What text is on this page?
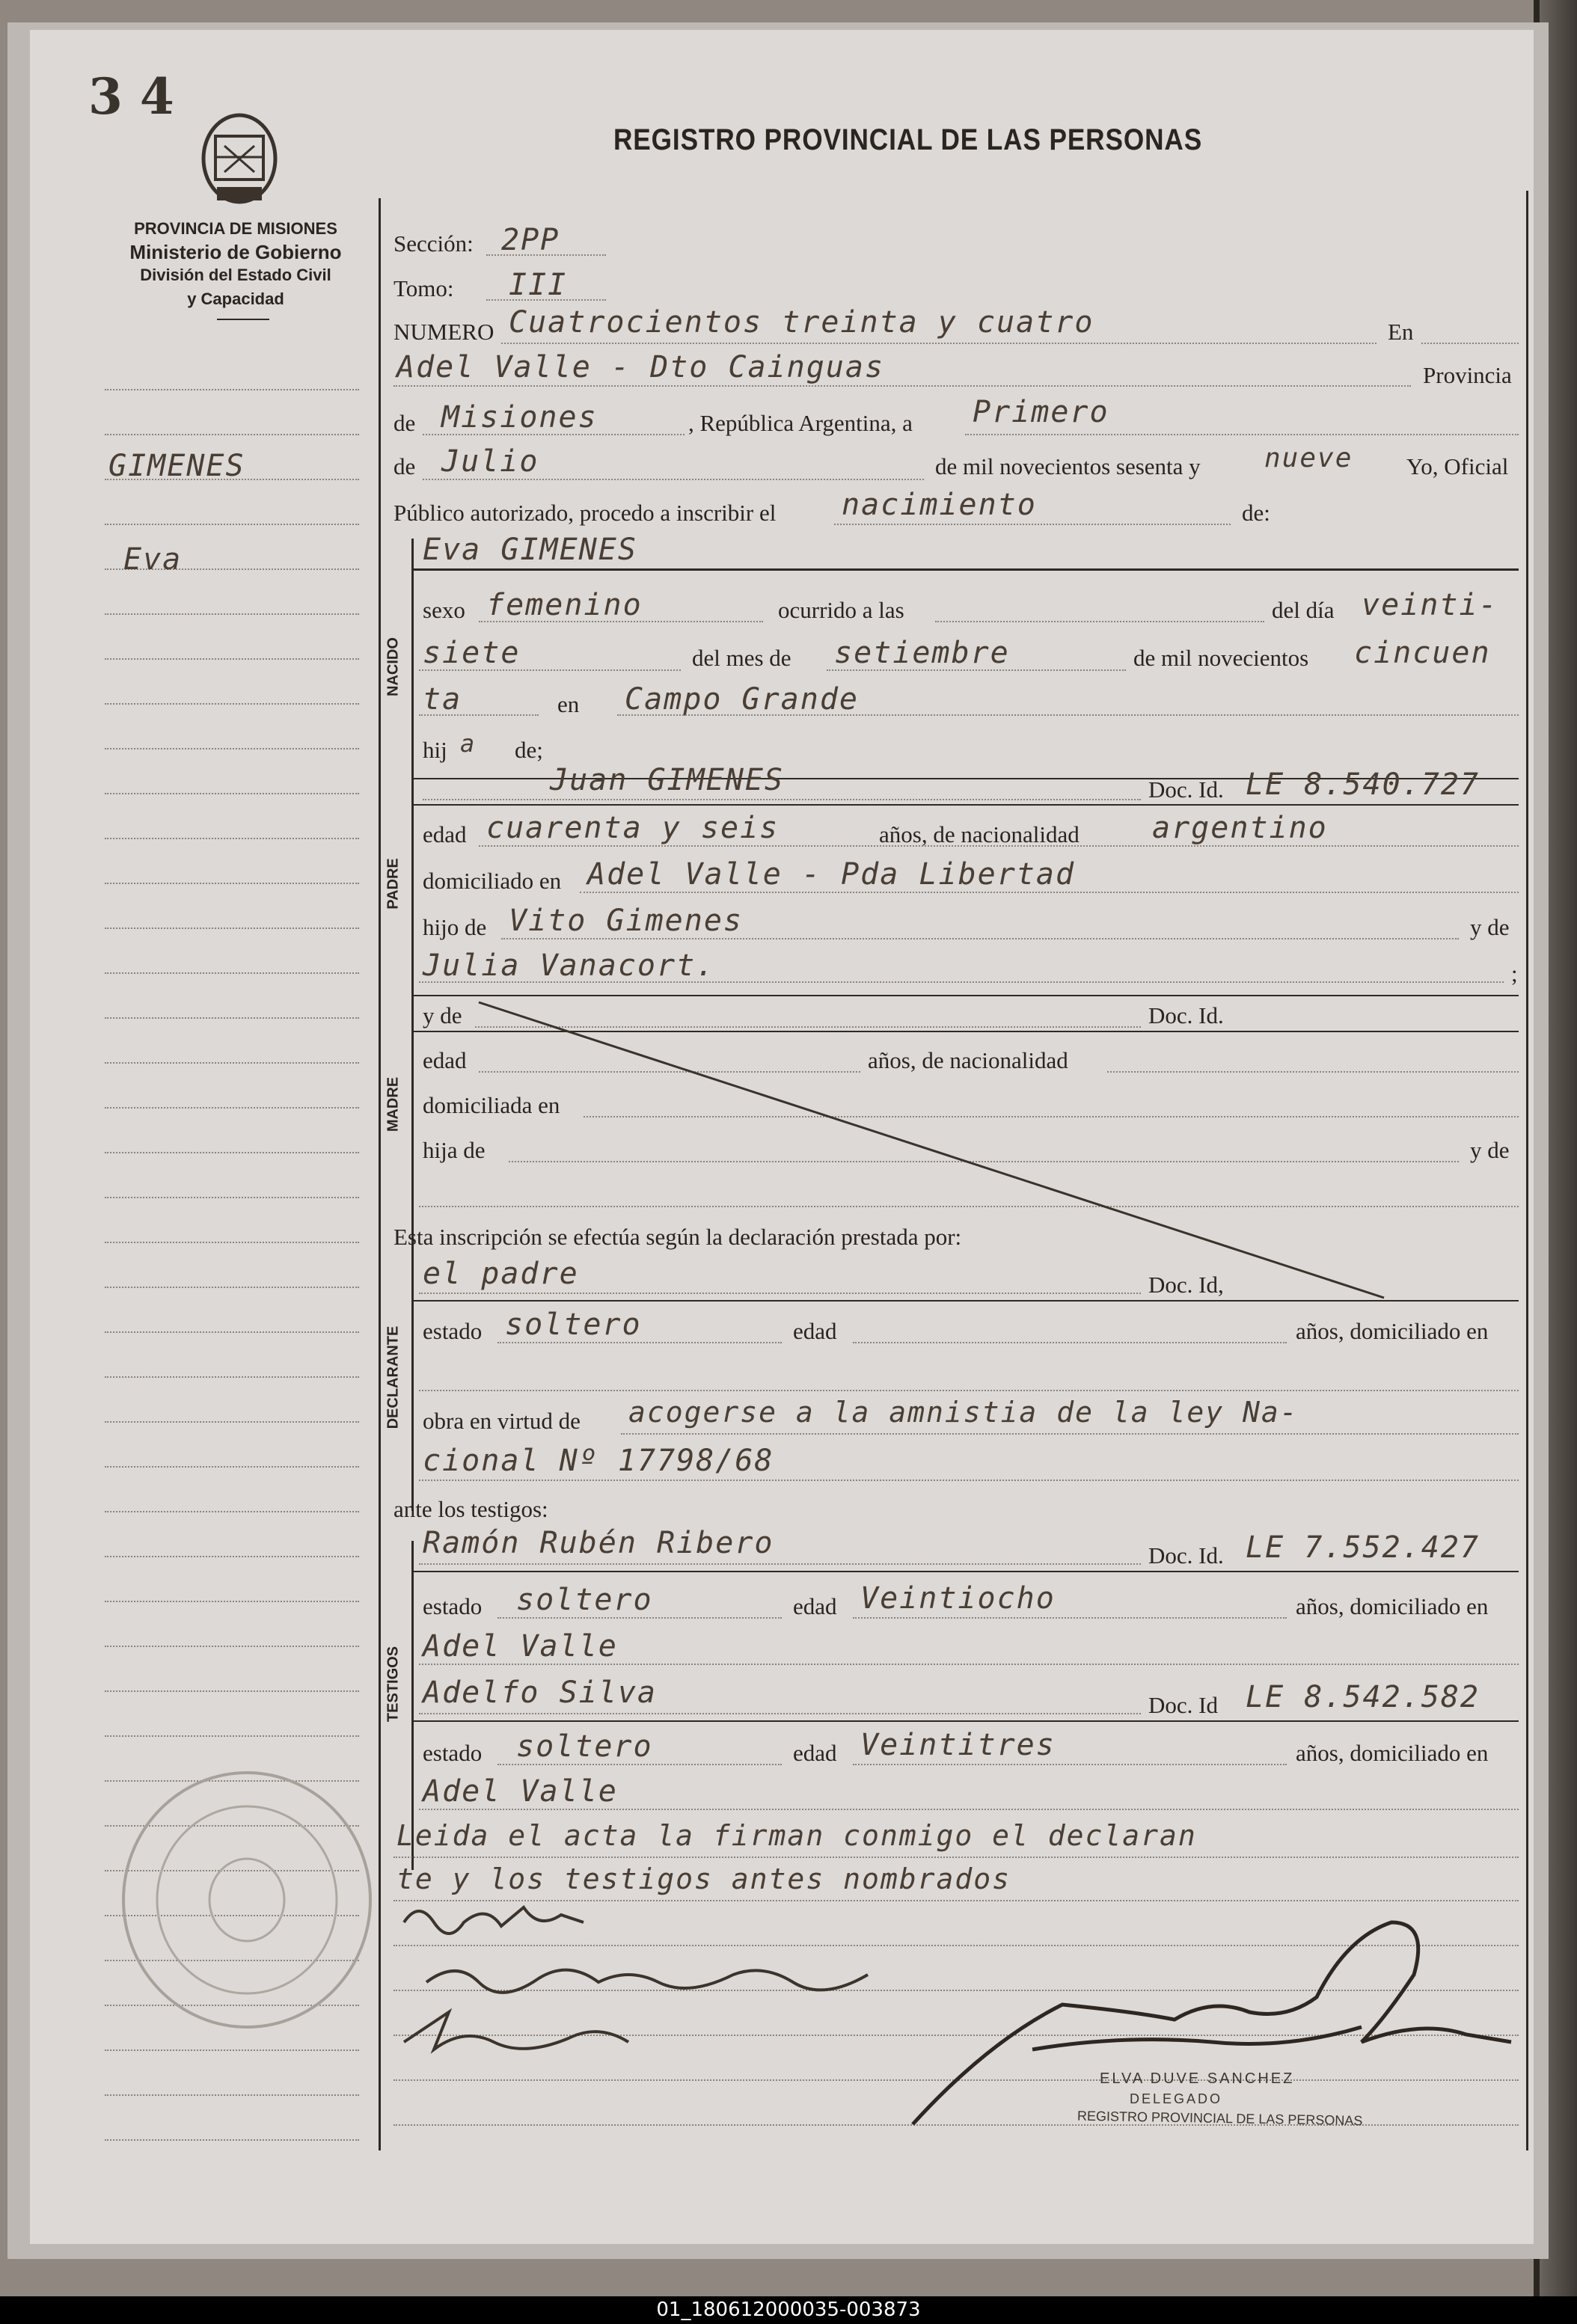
3 4
REGISTRO PROVINCIAL DE LAS PERSONAS
PROVINCIA DE MISIONES
Ministerio de Gobierno
División del Estado Civil
y Capacidad
GIMENES
Eva
Sección: 2PP
Tomo: III
NUMERO Cuatrocientos treinta y cuatro	En
Adel Valle - Dto Cainguas	Provincia
de Misiones	, República Argentina, a Primero
de Julio	de mil novecientos sesenta y nueve Yo, Oficial
Público autorizado, procedo a inscribir el nacimiento	de:
NACIDO
Eva GIMENES
sexo femenino	ocurrido a las	del día veinti-
siete	del mes de setiembre	de mil novecientos cincuen
ta	en Campo Grande
hij a de;
PADRE
Juan GIMENES	Doc. Id. LE 8.540.727
edad cuarenta y seis	años, de nacionalidad argentino
domiciliado en Adel Valle - Pda Libertad
hijo de Vito Gimenes	y de
Julia Vanacort.	;
MADRE
y de	Doc. Id.
edad	años, de nacionalidad
domiciliada en
hija de	y de
Esta inscripción se efectúa según la declaración prestada por:
DECLARANTE
el padre	Doc. Id,
estado soltero	edad	años, domiciliado en
obra en virtud de acogerse a la amnistia de la ley Na-
cional Nº 17798/68
ante los testigos:
TESTIGOS
Ramón Rubén Ribero	Doc. Id. LE 7.552.427
estado soltero	edad Veintiocho	años, domiciliado en
Adel Valle
Adelfo Silva	Doc. Id LE 8.542.582
estado soltero	edad Veintitres	años, domiciliado en
Adel Valle
Leida el acta la firman conmigo el declaran
te y los testigos antes nombrados
ELVA DUVE SANCHEZ
DELEGADO
REGISTRO PROVINCIAL DE LAS PERSONAS
01_180612000035-003873
